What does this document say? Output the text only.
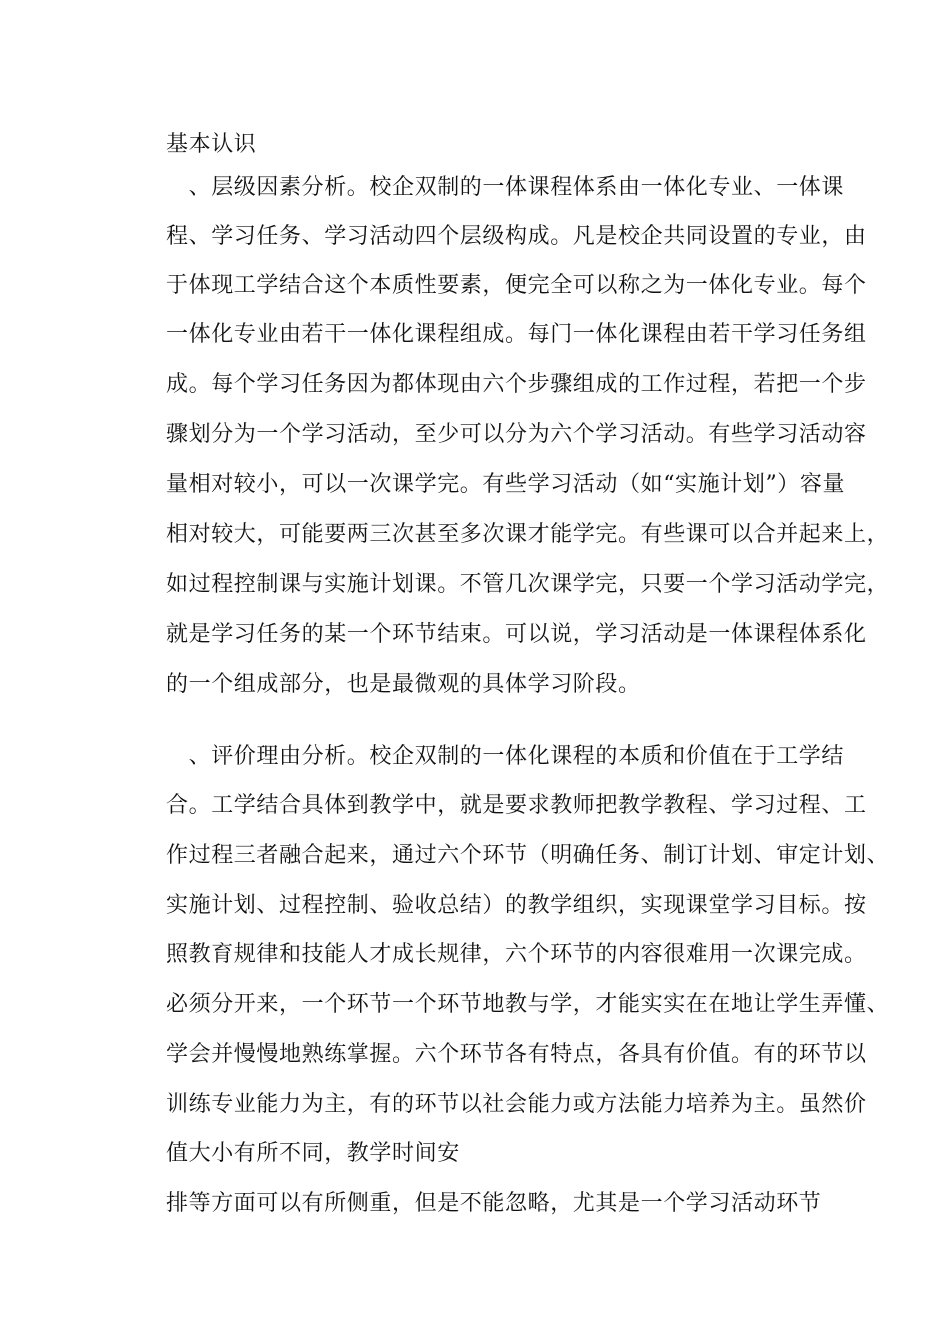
基本认识
　、层级因素分析。校企双制的一体课程体系由一体化专业、一体课
程、学习任务、学习活动四个层级构成。凡是校企共同设置的专业，由
于体现工学结合这个本质性要素，便完全可以称之为一体化专业。每个
一体化专业由若干一体化课程组成。每门一体化课程由若干学习任务组
成。每个学习任务因为都体现由六个步骤组成的工作过程，若把一个步
骤划分为一个学习活动，至少可以分为六个学习活动。有些学习活动容
量相对较小，可以一次课学完。有些学习活动（如“实施计划”）容量
相对较大，可能要两三次甚至多次课才能学完。有些课可以合并起来上，
如过程控制课与实施计划课。不管几次课学完，只要一个学习活动学完，
就是学习任务的某一个环节结束。可以说，学习活动是一体课程体系化
的一个组成部分，也是最微观的具体学习阶段。
　、评价理由分析。校企双制的一体化课程的本质和价值在于工学结
合。工学结合具体到教学中，就是要求教师把教学教程、学习过程、工
作过程三者融合起来，通过六个环节（明确任务、制订计划、审定计划、
实施计划、过程控制、验收总结）的教学组织，实现课堂学习目标。按
照教育规律和技能人才成长规律，六个环节的内容很难用一次课完成。
必须分开来，一个环节一个环节地教与学，才能实实在在地让学生弄懂、
学会并慢慢地熟练掌握。六个环节各有特点，各具有价值。有的环节以
训练专业能力为主，有的环节以社会能力或方法能力培养为主。虽然价
值大小有所不同，教学时间安
排等方面可以有所侧重，但是不能忽略，尤其是一个学习活动环节
